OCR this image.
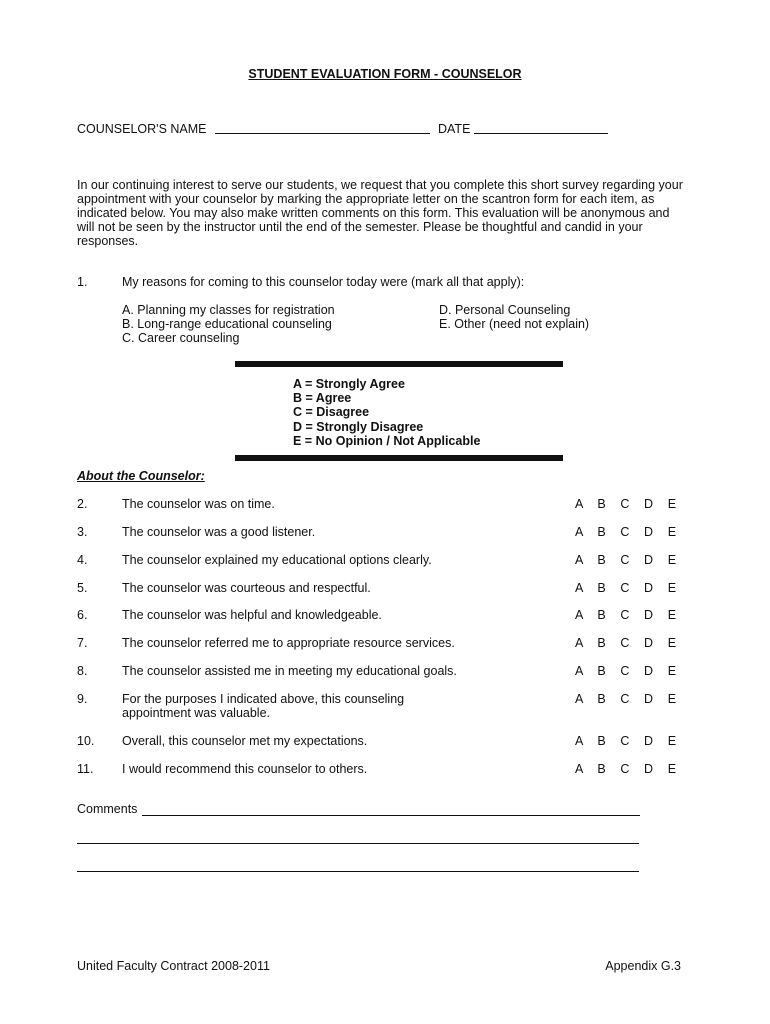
STUDENT EVALUATION FORM - COUNSELOR
COUNSELOR'S NAME	DATE
In our continuing interest to serve our students, we request that you complete this short survey regarding your appointment with your counselor by marking the appropriate letter on the scantron form for each item, as indicated below. You may also make written comments on this form. This evaluation will be anonymous and will not be seen by the instructor until the end of the semester. Please be thoughtful and candid in your responses.
1.	My reasons for coming to this counselor today were (mark all that apply):
A. Planning my classes for registration
B. Long-range educational counseling
C. Career counseling
D. Personal Counseling
E. Other (need not explain)
A = Strongly Agree
B = Agree
C = Disagree
D = Strongly Disagree
E = No Opinion / Not Applicable
About the Counselor:
2.	The counselor was on time.	A B C D E
3.	The counselor was a good listener.	A B C D E
4.	The counselor explained my educational options clearly.	A B C D E
5.	The counselor was courteous and respectful.	A B C D E
6.	The counselor was helpful and knowledgeable.	A B C D E
7.	The counselor referred me to appropriate resource services.	A B C D E
8.	The counselor assisted me in meeting my educational goals.	A B C D E
9.	For the purposes I indicated above, this counseling	A B C D E
appointment was valuable.
10. Overall, this counselor met my expectations.	A B C D E
11. I would recommend this counselor to others.	A B C D E
Comments
United Faculty Contract 2008-2011	Appendix G.3
